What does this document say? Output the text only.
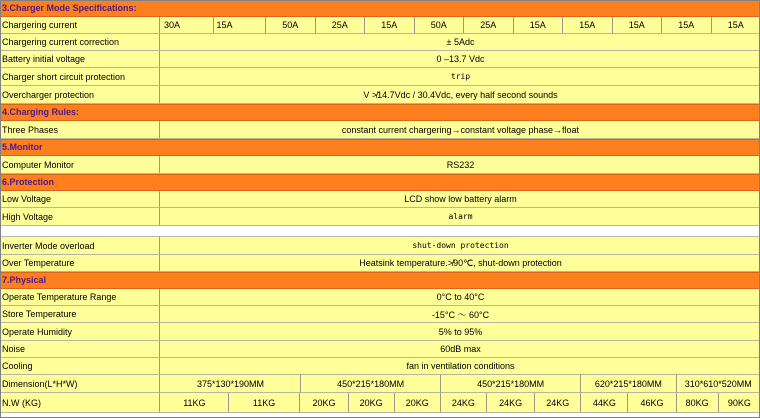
3.Charger Mode Specifications:
Chargering current	30A	15A	50A	25A	15A	50A	25A	15A	15A	15A	15A	15A
Chargering current correction	± 5Adc
Battery initial voltage	0 –13.7 Vdc
Charger short circuit protection	trip
Overcharger protection	V ≯14.7Vdc / 30.4Vdc, every half second sounds
4.Charging Rules:
Three Phases	constant current chargering→constant voltage phase→float
5.Monitor
Computer Monitor	RS232
6.Protection
Low Voltage	LCD show low battery alarm
High Voltage	alarm
Inverter Mode overload	shut-down protection
Over Temperature	Heatsink temperature.≯90℃, shut-down protection
7.Physical
Operate Temperature Range	0°C to 40°C
Store Temperature	-15°C ～ 60°C
Operate Humidity	5% to 95%
Noise	60dB max
Cooling	fan in ventilation conditions
Dimension(L*H*W)	375*130*190MM	450*215*180MM	450*215*180MM	620*215*180MM	310*610*520MM
N.W (KG)	11KG	11KG	20KG	20KG	20KG	24KG	24KG	24KG	44KG	46KG	80KG	90KG
